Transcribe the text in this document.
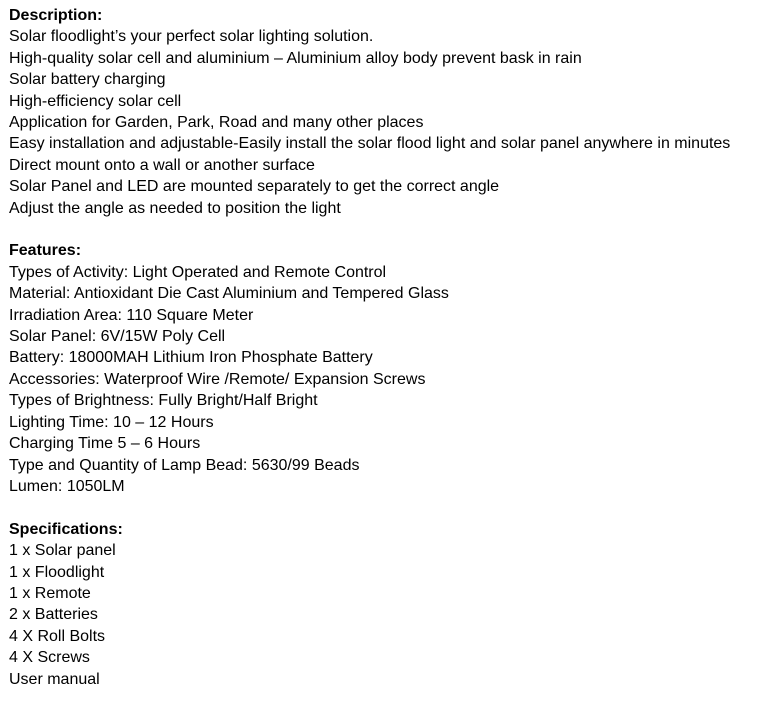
Description:

Solar floodlight’s your perfect solar lighting solution.

High-quality solar cell and aluminium – Aluminium alloy body prevent bask in rain

Solar battery charging

High-efficiency solar cell

Application for Garden, Park, Road and many other places

Easy installation and adjustable-Easily install the solar flood light and solar panel anywhere in minutes

Direct mount onto a wall or another surface

Solar Panel and LED are mounted separately to get the correct angle

Adjust the angle as needed to position the light

Features:

Types of Activity: Light Operated and Remote Control

Material: Antioxidant Die Cast Aluminium and Tempered Glass

Irradiation Area: 110 Square Meter

Solar Panel: 6V/15W Poly Cell

Battery: 18000MAH Lithium Iron Phosphate Battery

Accessories: Waterproof Wire /Remote/ Expansion Screws

Types of Brightness: Fully Bright/Half Bright

Lighting Time: 10 – 12 Hours

Charging Time 5 – 6 Hours

Type and Quantity of Lamp Bead: 5630/99 Beads

Lumen: 1050LM

Specifications:

1 x Solar panel

1 x Floodlight

1 x Remote

2 x Batteries

4 X Roll Bolts

4 X Screws

User manual
